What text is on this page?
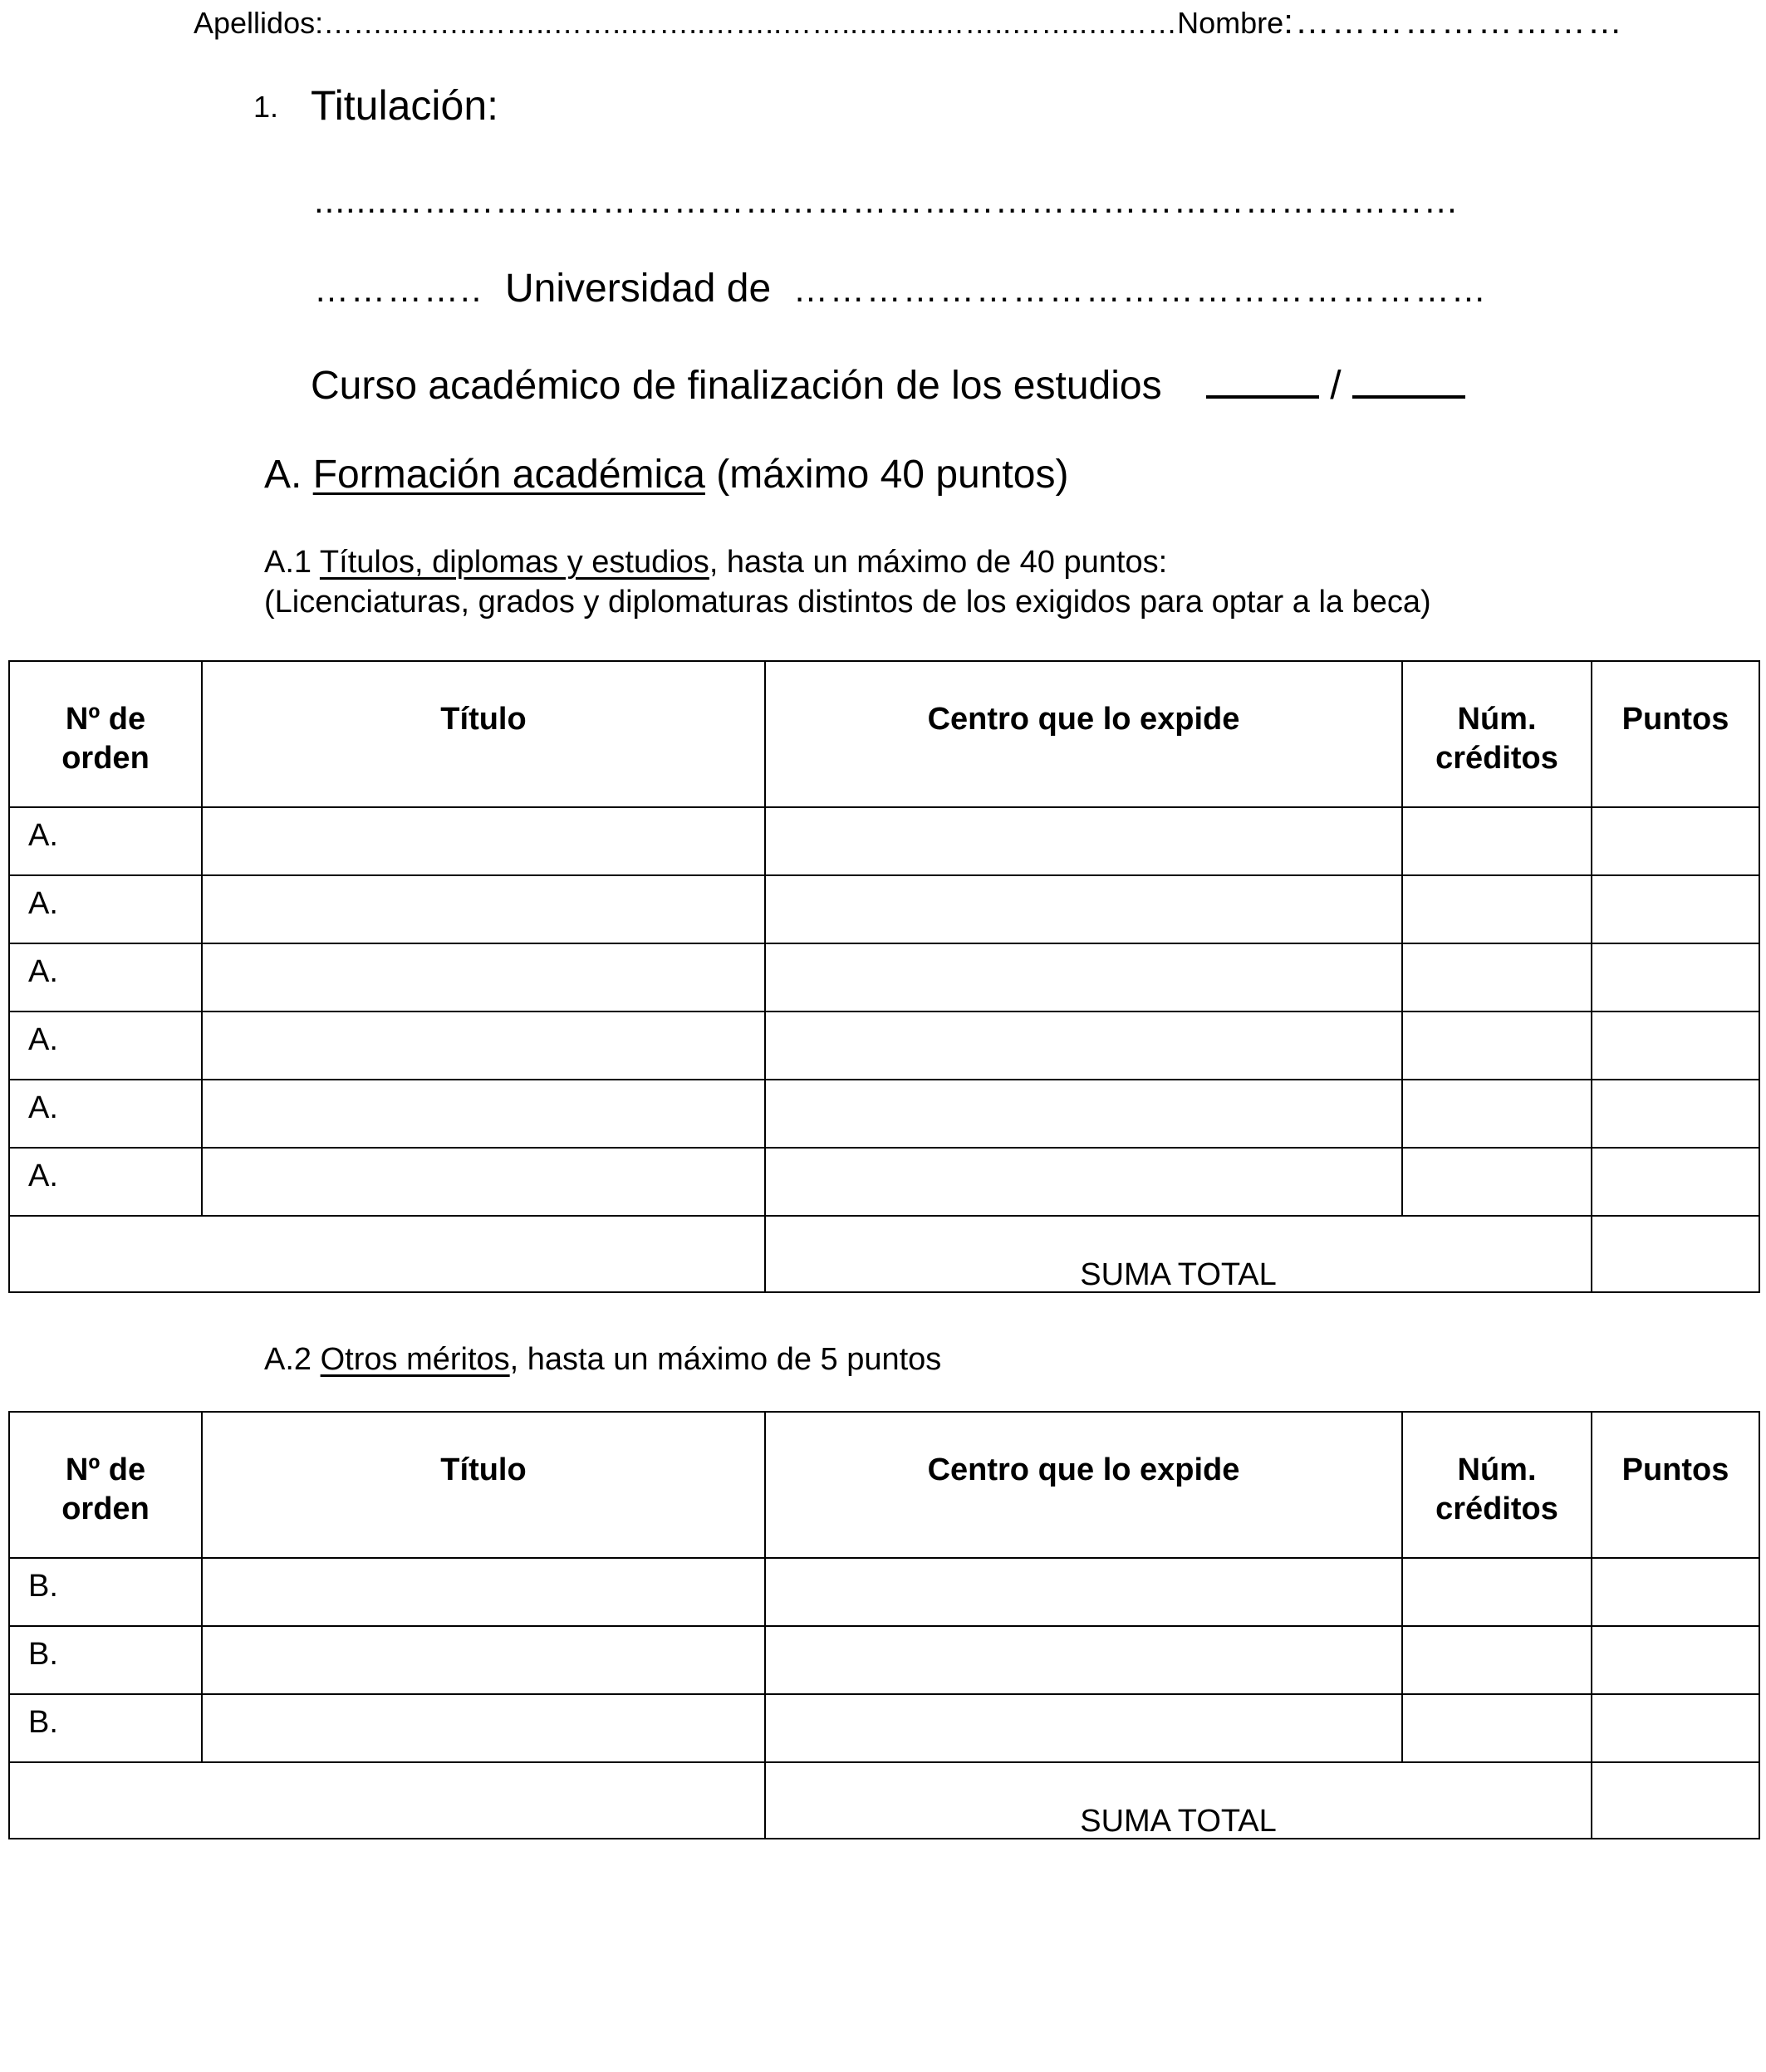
Apellidos:……..……..……..……..……..……..……..……..……..……..………Nombre:………………………
1. Titulación:
.......………………………………………………………………………………
………….. Universidad de …………………………………………………
Curso académico de finalización de los estudios	/
A. Formación académica (máximo 40 puntos)
A.1 Títulos, diplomas y estudios, hasta un máximo de 40 puntos:
(Licenciaturas, grados y diplomaturas distintos de los exigidos para optar a la beca)
Nº de
orden	Título	Centro que lo expide	Núm.
créditos	Puntos
A.				
A.				
A.				
A.				
A.				
A.				
		SUMA TOTAL		
A.2 Otros méritos, hasta un máximo de 5 puntos
Nº de
orden	Título	Centro que lo expide	Núm.
créditos	Puntos
B.				
B.				
B.				
		SUMA TOTAL		
